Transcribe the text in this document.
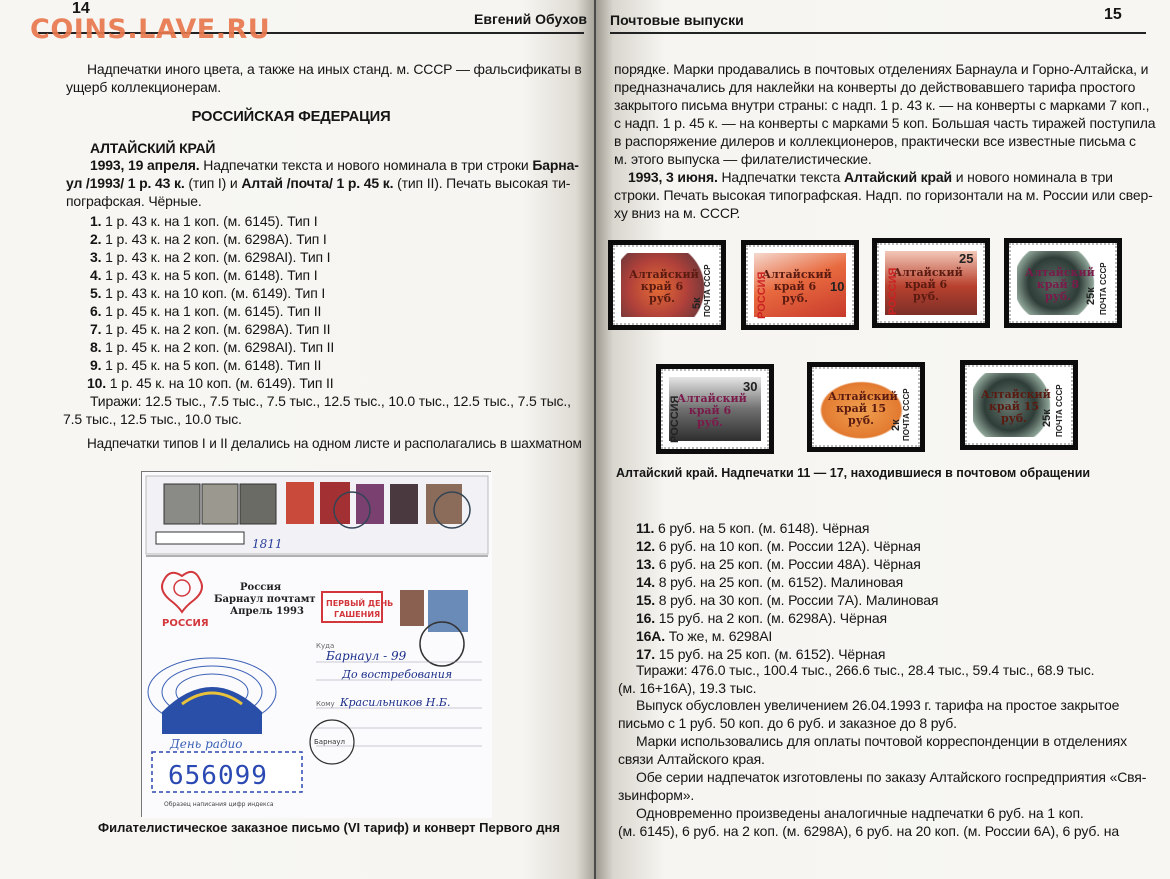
14
Евгений Обухов
Надпечатки иного цвета, а также на иных станд. м. СССР — фальсификаты в
ущерб коллекционерам.
РОССИЙСКАЯ ФЕДЕРАЦИЯ
АЛТАЙСКИЙ КРАЙ
1993, 19 апреля. Надпечатки текста и нового номинала в три строки Барна-
ул /1993/ 1 р. 43 к. (тип I) и Алтай /почта/ 1 р. 45 к. (тип II). Печать высокая ти-
пографская. Чёрные.
1. 1 р. 43 к. на 1 коп. (м. 6145). Тип I
2. 1 р. 43 к. на 2 коп. (м. 6298А). Тип I
3. 1 р. 43 к. на 2 коп. (м. 6298AI). Тип I
4. 1 р. 43 к. на 5 коп. (м. 6148). Тип I
5. 1 р. 43 к. на 10 коп. (м. 6149). Тип I
6. 1 р. 45 к. на 1 коп. (м. 6145). Тип II
7. 1 р. 45 к. на 2 коп. (м. 6298А). Тип II
8. 1 р. 45 к. на 2 коп. (м. 6298AI). Тип II
9. 1 р. 45 к. на 5 коп. (м. 6148). Тип II
10. 1 р. 45 к. на 10 коп. (м. 6149). Тип II
Тиражи: 12.5 тыс., 7.5 тыс., 7.5 тыс., 12.5 тыс., 10.0 тыс., 12.5 тыс., 7.5 тыс.,
7.5 тыс., 12.5 тыс., 10.0 тыс.
Надпечатки типов I и II делались на одном листе и располагались в шахматном
1811
РОССИЯ
Россия
Барнаул почтамт
Апрель 1993
ПЕРВЫЙ ДЕНЬ
ГАШЕНИЯ
День радио
Куда
Барнаул - 99
До востребования
Кому Красильников Н.Б.
Барнаул
656099
Образец написания цифр индекса
Филателистическое заказное письмо (VI тариф) и конверт Первого дня
COINS.LAVE.RU	Почтовые выпуски	15
порядке. Марки продавались в почтовых отделениях Барнаула и Горно-Алтайска, и
предназначались для наклейки на конверты до действовавшего тарифа простого
закрытого письма внутри страны: с надп. 1 р. 43 к. — на конверты с марками 7 коп.,
с надп. 1 р. 45 к. — на конверты с марками 5 коп. Большая часть тиражей поступила
в распоряжение дилеров и коллекционеров, практически все известные письма с
м. этого выпуска — филателистические.
1993, 3 июня. Надпечатки текста Алтайский край и нового номинала в три
строки. Печать высокая типографская. Надп. по горизонтали на м. России или свер-
ху вниз на м. СССР.
Алтайский край 6 руб.	ПОЧТА СССР
5к
Алтайский край 6 руб.
РОССИЯ	10
Алтайский край 6 руб.
РОССИЯ
25
Алтайский край 8 руб.	ПОЧТА СССР
25к
Алтайский край 6 руб.
РОССИЯ
30
Алтайский край 15 руб.	ПОЧТА СССР
2к
Алтайский край 15 руб.	ПОЧТА СССР
25к
Алтайский край. Надпечатки 11 — 17, находившиеся в почтовом обращении
11. 6 руб. на 5 коп. (м. 6148). Чёрная
12. 6 руб. на 10 коп. (м. России 12А). Чёрная
13. 6 руб. на 25 коп. (м. России 48А). Чёрная
14. 8 руб. на 25 коп. (м. 6152). Малиновая
15. 8 руб. на 30 коп. (м. России 7А). Малиновая
16. 15 руб. на 2 коп. (м. 6298А). Чёрная
16А. То же, м. 6298AI
17. 15 руб. на 25 коп. (м. 6152). Чёрная
Тиражи: 476.0 тыс., 100.4 тыс., 266.6 тыс., 28.4 тыс., 59.4 тыс., 68.9 тыс.
(м. 16+16А), 19.3 тыс.
Выпуск обусловлен увеличением 26.04.1993 г. тарифа на простое закрытое
письмо с 1 руб. 50 коп. до 6 руб. и заказное до 8 руб.
Марки использовались для оплаты почтовой корреспонденции в отделениях
связи Алтайского края.
Обе серии надпечаток изготовлены по заказу Алтайского госпредприятия «Свя-
зьинформ».
Одновременно произведены аналогичные надпечатки 6 руб. на 1 коп.
(м. 6145), 6 руб. на 2 коп. (м. 6298А), 6 руб. на 20 коп. (м. России 6А), 6 руб. на
